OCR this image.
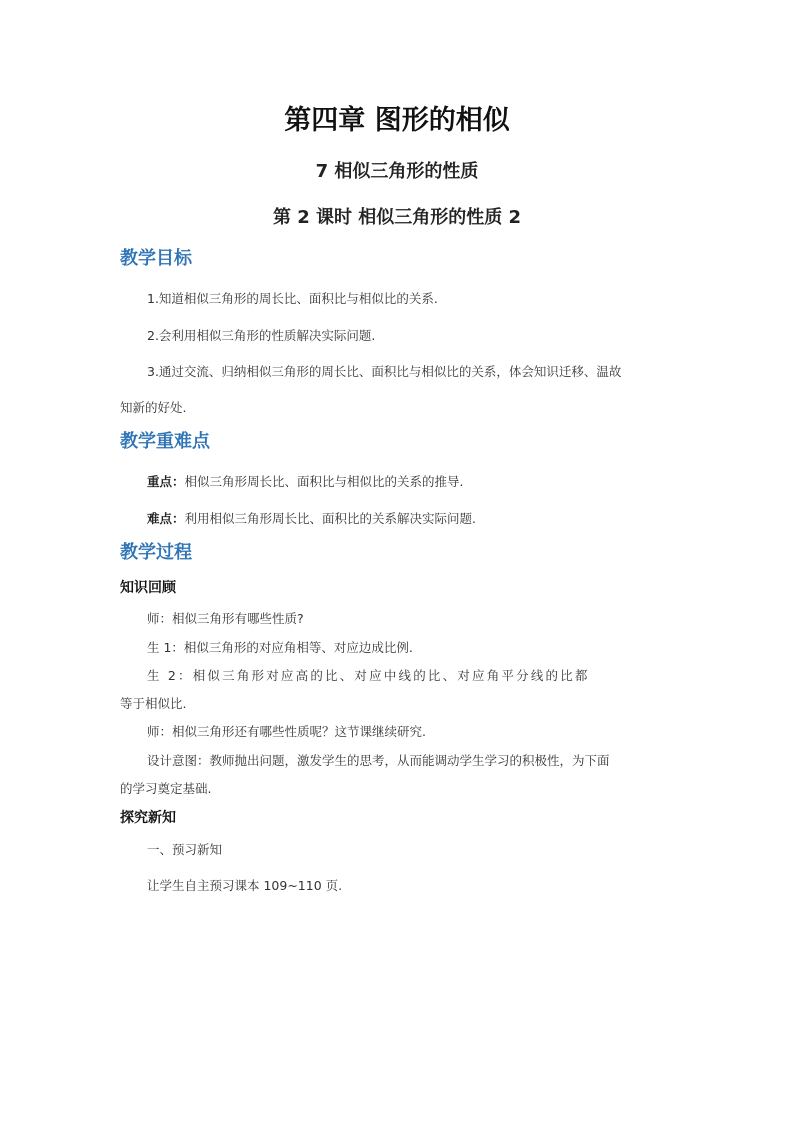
第四章 图形的相似
7 相似三角形的性质
第 2 课时 相似三角形的性质 2
教学目标
1.知道相似三角形的周长比、面积比与相似比的关系.
2.会利用相似三角形的性质解决实际问题.
3.通过交流、归纳相似三角形的周长比、面积比与相似比的关系，体会知识迁移、温故
知新的好处.
教学重难点
重点：相似三角形周长比、面积比与相似比的关系的推导.
难点：利用相似三角形周长比、面积比的关系解决实际问题.
教学过程
知识回顾
师：相似三角形有哪些性质?
生 1：相似三角形的对应角相等、对应边成比例.
生 2：相似三角形对应高的比、对应中线的比、对应角平分线的比都
等于相似比.
师：相似三角形还有哪些性质呢？这节课继续研究.
设计意图：教师抛出问题，激发学生的思考，从而能调动学生学习的积极性，为下面
的学习奠定基础.
探究新知
一、预习新知
让学生自主预习课本 109~110 页.
